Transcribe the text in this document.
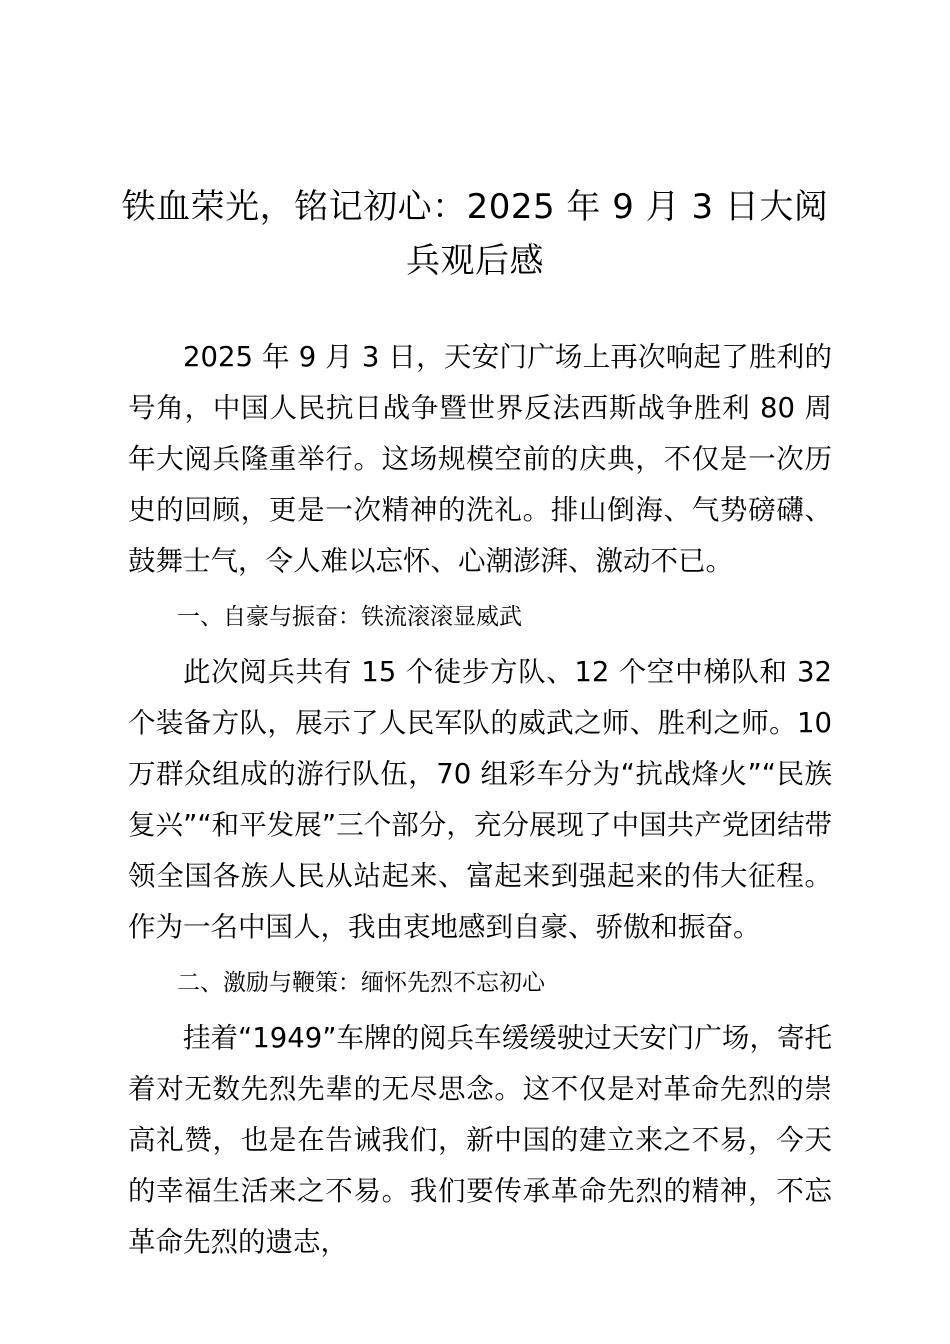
铁血荣光，铭记初心：2025 年 9 月 3 日大阅兵观后感

2025 年 9 月 3 日，天安门广场上再次响起了胜利的号角，中国人民抗日战争暨世界反法西斯战争胜利 80 周年大阅兵隆重举行。这场规模空前的庆典，不仅是一次历史的回顾，更是一次精神的洗礼。排山倒海、气势磅礴、鼓舞士气，令人难以忘怀、心潮澎湃、激动不已。

一、自豪与振奋：铁流滚滚显威武

此次阅兵共有 15 个徒步方队、12 个空中梯队和 32 个装备方队，展示了人民军队的威武之师、胜利之师。10 万群众组成的游行队伍，70 组彩车分为“抗战烽火”“民族复兴”“和平发展”三个部分，充分展现了中国共产党团结带领全国各族人民从站起来、富起来到强起来的伟大征程。作为一名中国人，我由衷地感到自豪、骄傲和振奋。

二、激励与鞭策：缅怀先烈不忘初心

挂着“1949”车牌的阅兵车缓缓驶过天安门广场，寄托着对无数先烈先辈的无尽思念。这不仅是对革命先烈的崇高礼赞，也是在告诫我们，新中国的建立来之不易，今天的幸福生活来之不易。我们要传承革命先烈的精神，不忘革命先烈的遗志，
